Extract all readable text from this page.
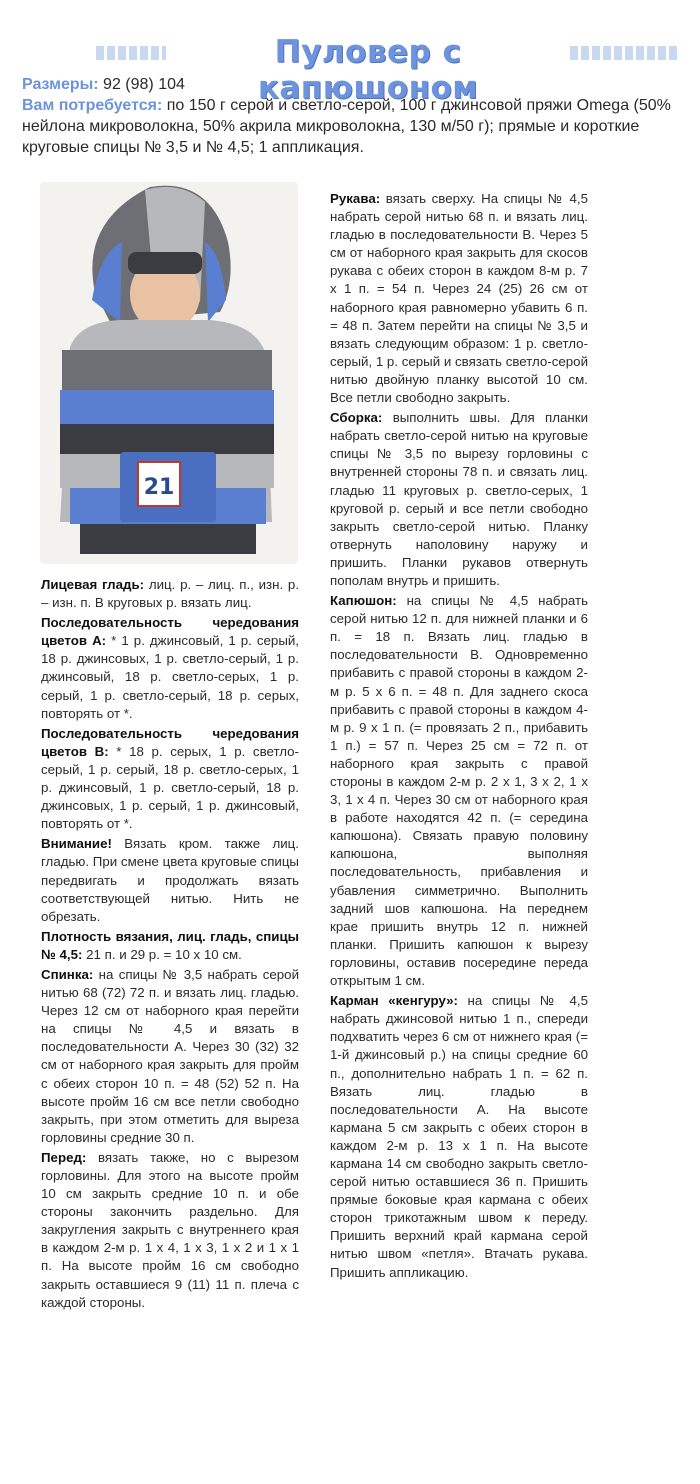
Пуловер с капюшоном
Размеры: 92 (98) 104
Вам потребуется: по 150 г серой и светло-серой, 100 г джинсовой пряжи Omega (50% нейлона микроволокна, 50% акрила микроволокна, 130 м/50 г); прямые и короткие круговые спицы № 3,5 и № 4,5; 1 аппликация.
21

Лицевая гладь: лиц. р. – лиц. п., изн. р. – изн. п. В круговых р. вязать лиц.

Последовательность чередования цветов А: * 1 р. джинсовый, 1 р. серый, 18 р. джинсовых, 1 р. светло-серый, 1 р. джинсовый, 18 р. светло-серых, 1 р. серый, 1 р. светло-серый, 18 р. серых, повторять от *.

Последовательность чередования цветов В: * 18 р. серых, 1 р. светло-серый, 1 р. серый, 18 р. светло-серых, 1 р. джинсовый, 1 р. светло-серый, 18 р. джинсовых, 1 р. серый, 1 р. джинсовый, повторять от *.

Внимание! Вязать кром. также лиц. гладью. При смене цвета круговые спицы передвигать и продолжать вязать соответствующей нитью. Нить не обрезать.

Плотность вязания, лиц. гладь, спицы № 4,5: 21 п. и 29 р. = 10 х 10 см.

Спинка: на спицы № 3,5 набрать серой нитью 68 (72) 72 п. и вязать лиц. гладью. Через 12 см от наборного края перейти на спицы № 4,5 и вязать в последовательности А. Через 30 (32) 32 см от наборного края закрыть для пройм с обеих сторон 10 п. = 48 (52) 52 п. На высоте пройм 16 см все петли свободно закрыть, при этом отметить для выреза горловины средние 30 п.

Перед: вязать также, но с вырезом горловины. Для этого на высоте пройм 10 см закрыть средние 10 п. и обе стороны закончить раздельно. Для закругления закрыть с внутреннего края в каждом 2-м р. 1 х 4, 1 х 3, 1 х 2 и 1 х 1 п. На высоте пройм 16 см свободно закрыть оставшиеся 9 (11) 11 п. плеча с каждой стороны.

Рукава: вязать сверху. На спицы № 4,5 набрать серой нитью 68 п. и вязать лиц. гладью в последовательности В. Через 5 см от наборного края закрыть для скосов рукава с обеих сторон в каждом 8-м р. 7 х 1 п. = 54 п. Через 24 (25) 26 см от наборного края равномерно убавить 6 п. = 48 п. Затем перейти на спицы № 3,5 и вязать следующим образом: 1 р. светло-серый, 1 р. серый и связать светло-серой нитью двойную планку высотой 10 см. Все петли свободно закрыть.

Сборка: выполнить швы. Для планки набрать светло-серой нитью на круговые спицы № 3,5 по вырезу горловины с внутренней стороны 78 п. и связать лиц. гладью 11 круговых р. светло-серых, 1 круговой р. серый и все петли свободно закрыть светло-серой нитью. Планку отвернуть наполовину наружу и пришить. Планки рукавов отвернуть пополам внутрь и пришить.

Капюшон: на спицы № 4,5 набрать серой нитью 12 п. для нижней планки и 6 п. = 18 п. Вязать лиц. гладью в последовательности В. Одновременно прибавить с правой стороны в каждом 2-м р. 5 х 6 п. = 48 п. Для заднего скоса прибавить с правой стороны в каждом 4-м р. 9 х 1 п. (= провязать 2 п., прибавить 1 п.) = 57 п. Через 25 см = 72 п. от наборного края закрыть с правой стороны в каждом 2-м р. 2 х 1, 3 х 2, 1 х 3, 1 х 4 п. Через 30 см от наборного края в работе находятся 42 п. (= середина капюшона). Связать правую половину капюшона, выполняя последовательность, прибавления и убавления симметрично. Выполнить задний шов капюшона. На переднем крае пришить внутрь 12 п. нижней планки. Пришить капюшон к вырезу горловины, оставив посередине переда открытым 1 см.

Карман «кенгуру»: на спицы № 4,5 набрать джинсовой нитью 1 п., спереди подхватить через 6 см от нижнего края (= 1-й джинсовый р.) на спицы средние 60 п., дополнительно набрать 1 п. = 62 п. Вязать лиц. гладью в последовательности А. На высоте кармана 5 см закрыть с обеих сторон в каждом 2-м р. 13 х 1 п. На высоте кармана 14 см свободно закрыть светло-серой нитью оставшиеся 36 п. Пришить прямые боковые края кармана с обеих сторон трикотажным швом к переду. Пришить верхний край кармана серой нитью швом «петля». Втачать рукава. Пришить аппликацию.
